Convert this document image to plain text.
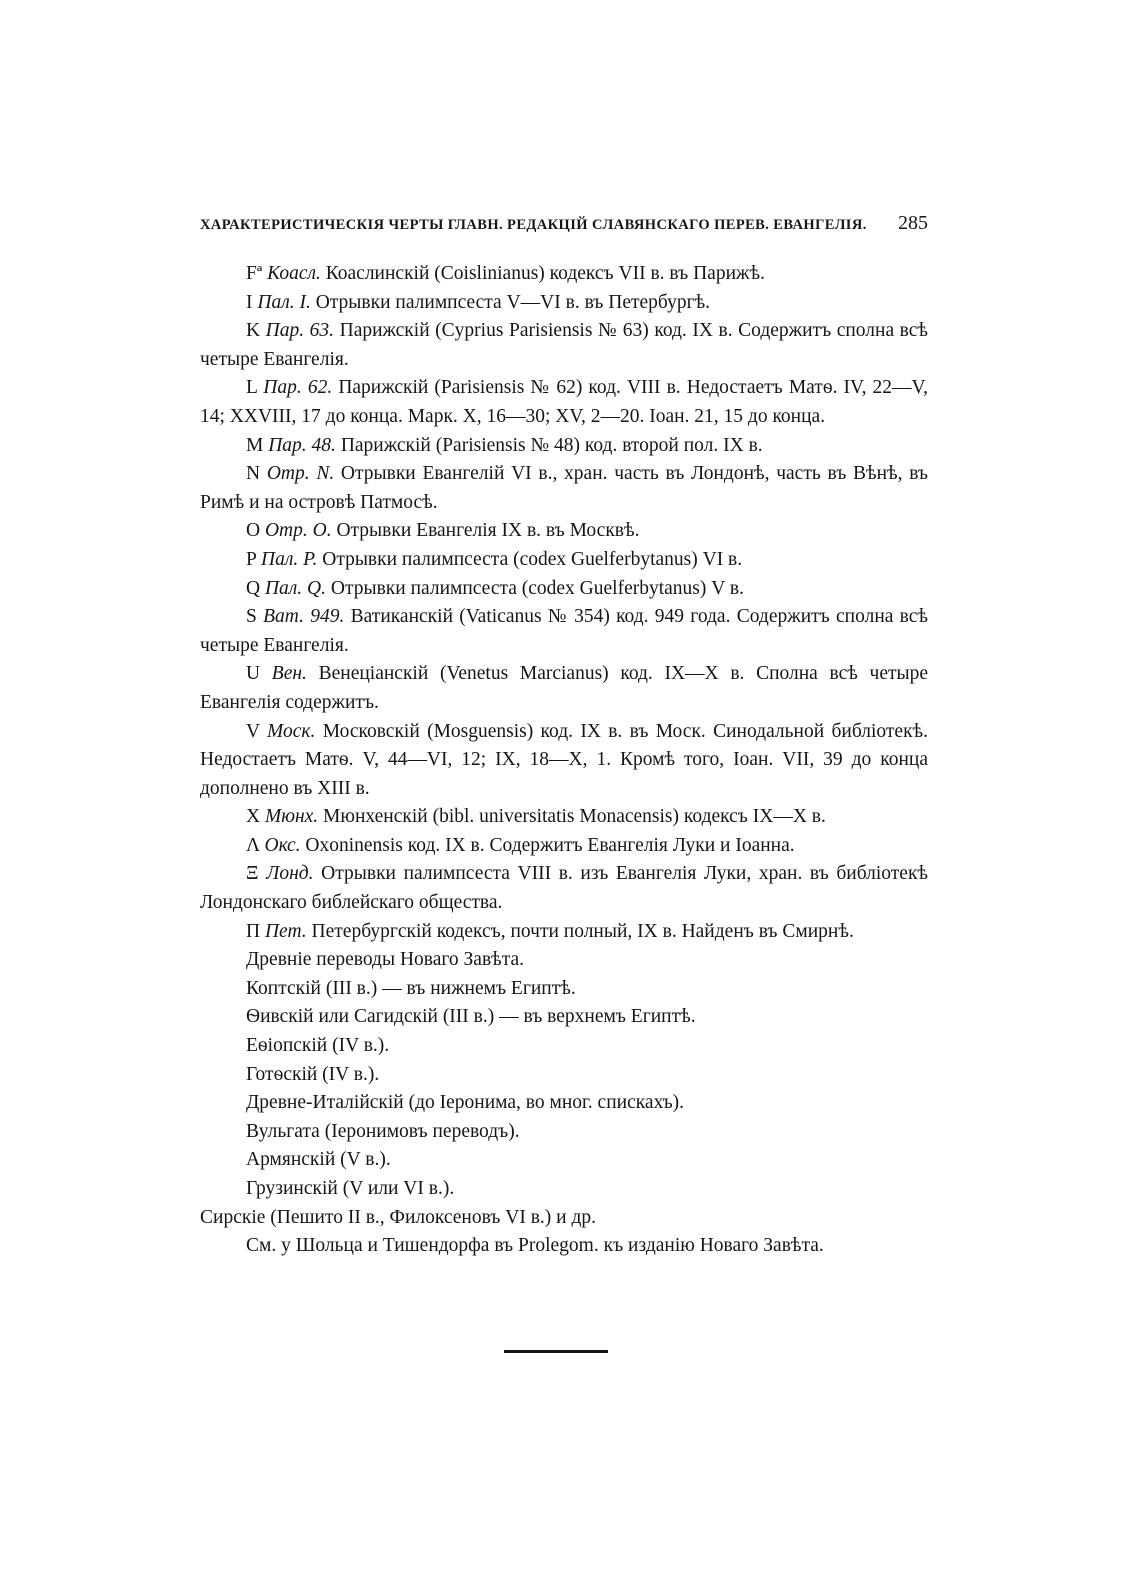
ХАРАКТЕРИСТИЧЕСКІЯ ЧЕРТЫ ГЛАВН. РЕДАКЦІЙ СЛАВЯНСКАГО ПЕРЕВ. ЕВАНГЕЛІЯ. 285
Fª Коасл. Коаслинскій (Coislinianus) кодексъ VII в. въ Парижѣ.
I Пал. I. Отрывки палимпсеста V—VI в. въ Петербургѣ.
K Пар. 63. Парижскій (Cyprius Parisiensis № 63) код. IX в. Содержитъ сполна всѣ четыре Евангелія.
L Пар. 62. Парижскій (Parisiensis № 62) код. VIII в. Недостаетъ Матѳ. IV, 22—V, 14; XXVIII, 17 до конца. Марк. X, 16—30; XV, 2—20. Іоан. 21, 15 до конца.
M Пар. 48. Парижскій (Parisiensis № 48) код. второй пол. IX в.
N Отр. N. Отрывки Евангелій VI в., хран. часть въ Лондонѣ, часть въ Вѣнѣ, въ Римѣ и на островѣ Патмосѣ.
O Отр. O. Отрывки Евангелія IX в. въ Москвѣ.
P Пал. P. Отрывки палимпсеста (codex Guelferbytanus) VI в.
Q Пал. Q. Отрывки палимпсеста (codex Guelferbytanus) V в.
S Ват. 949. Ватиканскій (Vaticanus № 354) код. 949 года. Содержитъ сполна всѣ четыре Евангелія.
U Вен. Венеціанскій (Venetus Marcianus) код. IX—X в. Сполна всѣ четыре Евангелія содержитъ.
V Моск. Московскій (Mosguensis) код. IX в. въ Моск. Синодальной библіотекѣ. Недостаетъ Матѳ. V, 44—VI, 12; IX, 18—X, 1. Кромѣ того, Іоан. VII, 39 до конца дополнено въ XIII в.
X Мюнх. Мюнхенскій (bibl. universitatis Monacensis) кодексъ IX—X в.
Λ Окс. Oxoninensis код. IX в. Содержитъ Евангелія Луки и Іоанна.
Ξ Лонд. Отрывки палимпсеста VIII в. изъ Евангелія Луки, хран. въ библіотекѣ Лондонскаго библейскаго общества.
Π Пет. Петербургскій кодексъ, почти полный, IX в. Найденъ въ Смирнѣ.
Древніе переводы Новаго Завѣта.
Коптскій (III в.) — въ нижнемъ Египтѣ.
Ѳивскій или Сагидскій (III в.) — въ верхнемъ Египтѣ.
Еѳіопскій (IV в.).
Готѳскій (IV в.).
Древне-Италійскій (до Іеронима, во мног. спискахъ).
Вульгата (Іеронимовъ переводъ).
Армянскій (V в.).
Грузинскій (V или VI в.).
Сирскіе (Пешито II в., Филоксеновъ VI в.) и др.
См. у Шольца и Тишендорфа въ Prolegom. къ изданію Новаго Завѣта.
